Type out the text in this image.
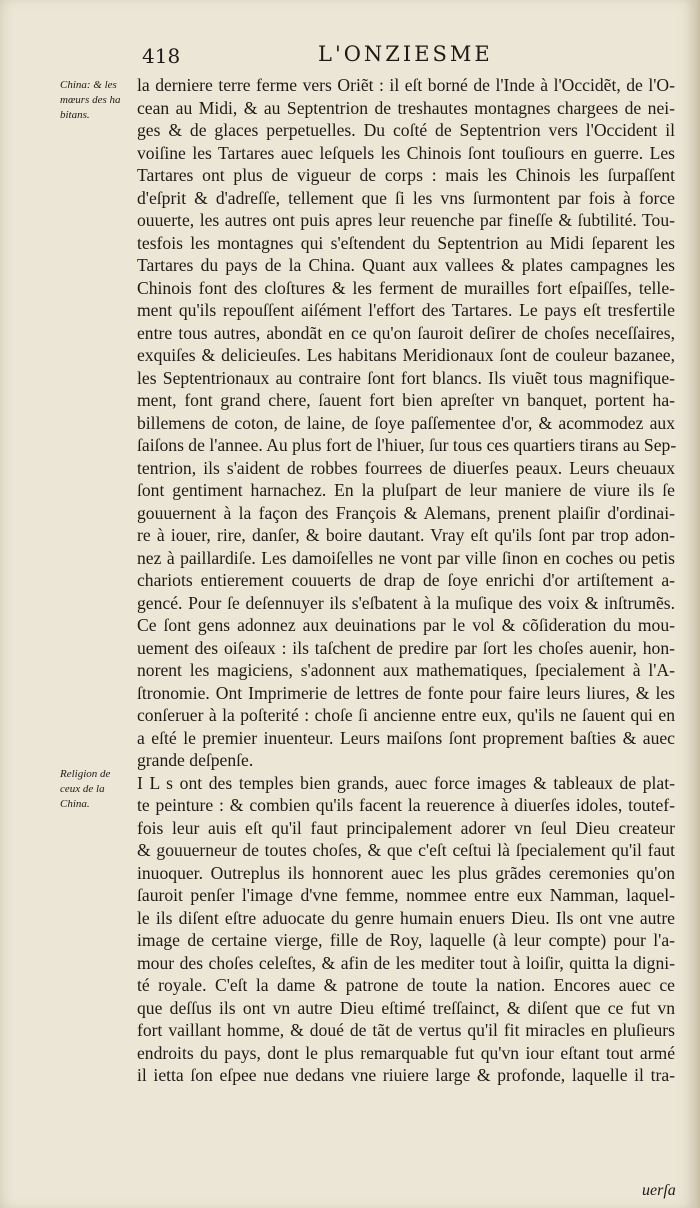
418	L'ONZIESME
China: & les
mœurs des ha
bitans.
Religion de
ceux de la
China.
la derniere terre ferme vers Oriẽt : il eſt borné de l'Inde à l'Occidẽt, de l'O-
cean au Midi, & au Septentrion de treshautes montagnes chargees de nei-
ges & de glaces perpetuelles. Du coſté de Septentrion vers l'Occident il
voiſine les Tartares auec leſquels les Chinois ſont touſiours en guerre. Les
Tartares ont plus de vigueur de corps : mais les Chinois les ſurpaſſent
d'eſprit & d'adreſſe, tellement que ſi les vns ſurmontent par fois à force
ouuerte, les autres ont puis apres leur reuenche par fineſſe & ſubtilité. Tou-
tesfois les montagnes qui s'eſtendent du Septentrion au Midi ſeparent les
Tartares du pays de la China. Quant aux vallees & plates campagnes les
Chinois font des cloſtures & les ferment de murailles fort eſpaiſſes, telle-
ment qu'ils repouſſent aiſément l'effort des Tartares. Le pays eſt tresfertile
entre tous autres, abondãt en ce qu'on ſauroit deſirer de choſes neceſſaires,
exquiſes & delicieuſes. Les habitans Meridionaux ſont de couleur bazanee,
les Septentrionaux au contraire ſont fort blancs. Ils viuẽt tous magnifique-
ment, font grand chere, ſauent fort bien apreſter vn banquet, portent ha-
billemens de coton, de laine, de ſoye paſſementee d'or, & acommodez aux
ſaiſons de l'annee. Au plus fort de l'hiuer, ſur tous ces quartiers tirans au Sep-
tentrion, ils s'aident de robbes fourrees de diuerſes peaux. Leurs cheuaux
ſont gentiment harnachez. En la pluſpart de leur maniere de viure ils ſe
gouuernent à la façon des François & Alemans, prenent plaiſir d'ordinai-
re à iouer, rire, danſer, & boire dautant. Vray eſt qu'ils ſont par trop adon-
nez à paillardiſe. Les damoiſelles ne vont par ville ſinon en coches ou petis
chariots entierement couuerts de drap de ſoye enrichi d'or artiſtement a-
gencé. Pour ſe deſennuyer ils s'eſbatent à la muſique des voix & inſtrumẽs.
Ce ſont gens adonnez aux deuinations par le vol & cõſideration du mou-
uement des oiſeaux : ils taſchent de predire par ſort les choſes auenir, hon-
norent les magiciens, s'adonnent aux mathematiques, ſpecialement à l'A-
ſtronomie. Ont Imprimerie de lettres de fonte pour faire leurs liures, & les
conſeruer à la poſterité : choſe ſi ancienne entre eux, qu'ils ne ſauent qui en
a eſté le premier inuenteur. Leurs maiſons ſont proprement baſties & auec
grande deſpenſe.
I L s ont des temples bien grands, auec force images & tableaux de plat-
te peinture : & combien qu'ils facent la reuerence à diuerſes idoles, toutef-
fois leur auis eſt qu'il faut principalement adorer vn ſeul Dieu createur
& gouuerneur de toutes choſes, & que c'eſt ceſtui là ſpecialement qu'il faut
inuoquer. Outreplus ils honnorent auec les plus grãdes ceremonies qu'on
ſauroit penſer l'image d'vne femme, nommee entre eux Namman, laquel-
le ils diſent eſtre aduocate du genre humain enuers Dieu. Ils ont vne autre
image de certaine vierge, fille de Roy, laquelle (à leur compte) pour l'a-
mour des choſes celeſtes, & afin de les mediter tout à loiſir, quitta la digni-
té royale. C'eſt la dame & patrone de toute la nation. Encores auec ce
que deſſus ils ont vn autre Dieu eſtimé treſſainct, & diſent que ce fut vn
fort vaillant homme, & doué de tãt de vertus qu'il fit miracles en pluſieurs
endroits du pays, dont le plus remarquable fut qu'vn iour eſtant tout armé
il ietta ſon eſpee nue dedans vne riuiere large & profonde, laquelle il tra-
uerſa
